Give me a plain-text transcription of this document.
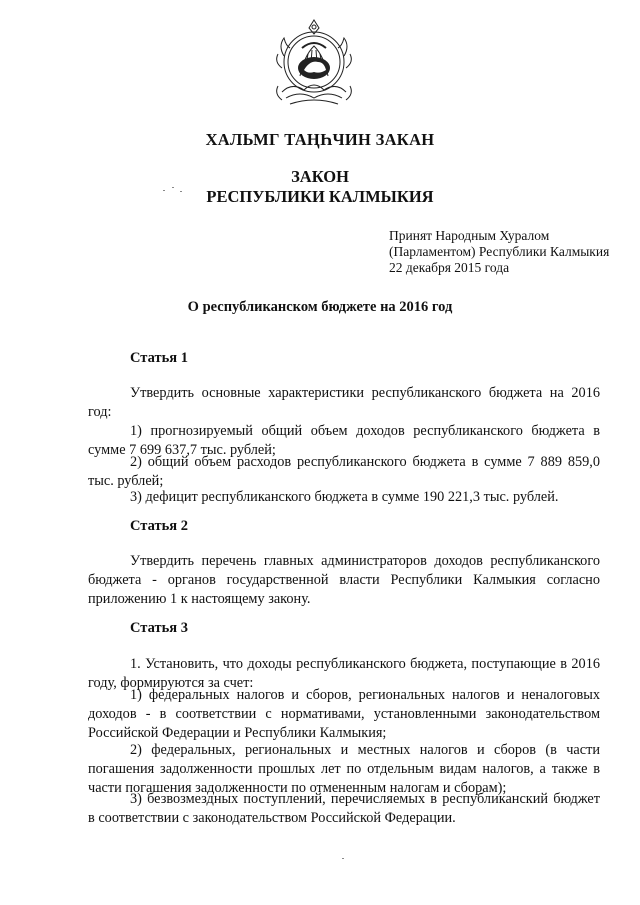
ХАЛЬМГ ТАҢҺЧИН ЗАКАН
ЗАКОН
РЕСПУБЛИКИ КАЛМЫКИЯ
Принят Народным Хуралом
(Парламентом) Республики Калмыкия
22 декабря 2015 года
О республиканском бюджете на 2016 год
Статья 1

Утвердить основные характеристики республиканского бюджета на 2016 год:

1) прогнозируемый общий объем доходов республиканского бюджета в сумме 7 699 637,7 тыс. рублей;

2) общий объем расходов республиканского бюджета в сумме 7 889 859,0 тыс. рублей;

3) дефицит республиканского бюджета в сумме 190 221,3 тыс. рублей.

Статья 2

Утвердить перечень главных администраторов доходов республиканского бюджета - органов государственной власти Республики Калмыкия согласно приложению 1 к настоящему закону.

Статья 3

1. Установить, что доходы республиканского бюджета, поступающие в 2016 году, формируются за счет:

1) федеральных налогов и сборов, региональных налогов и неналоговых доходов - в соответствии с нормативами, установленными законодательством Российской Федерации и Республики Калмыкия;

2) федеральных, региональных и местных налогов и сборов (в части погашения задолженности прошлых лет по отдельным видам налогов, а также в части погашения задолженности по отмененным налогам и сборам);

3) безвозмездных поступлений, перечисляемых в республиканский бюджет в соответствии с законодательством Российской Федерации.
